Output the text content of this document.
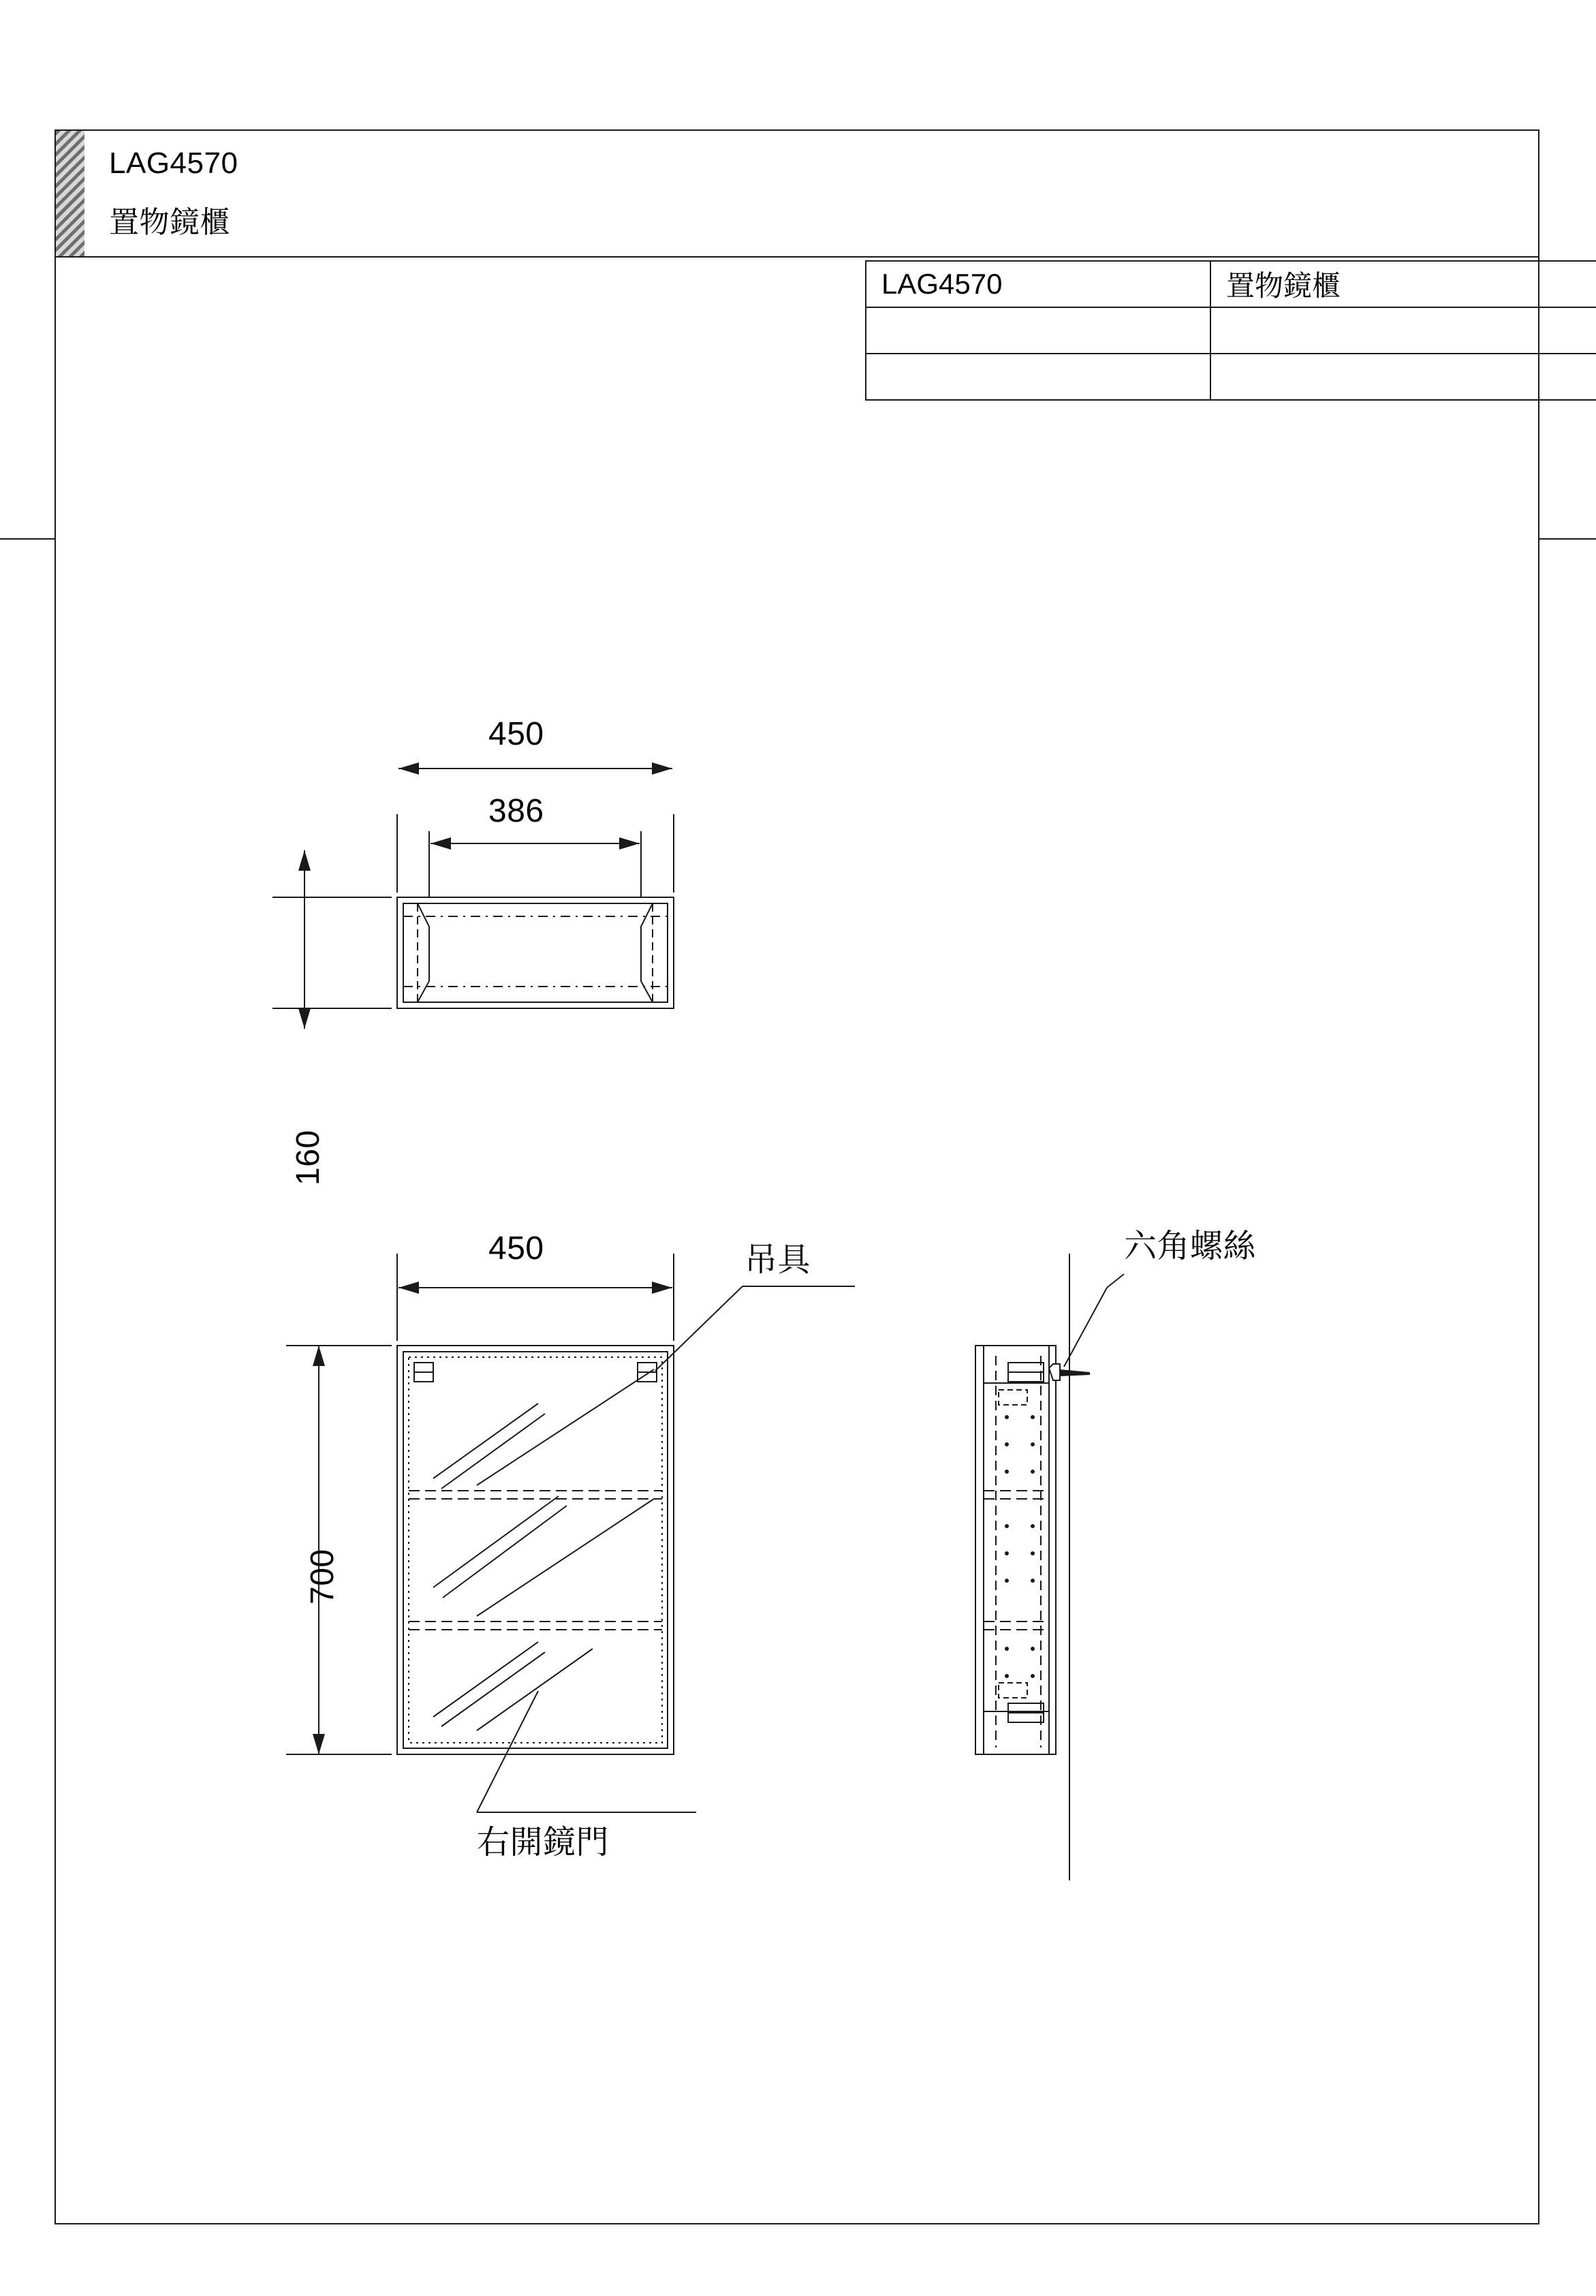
LAG4570
置物鏡櫃
LAG4570	置物鏡櫃

450
386
160
450
700
吊具
右開鏡門
六角螺絲
